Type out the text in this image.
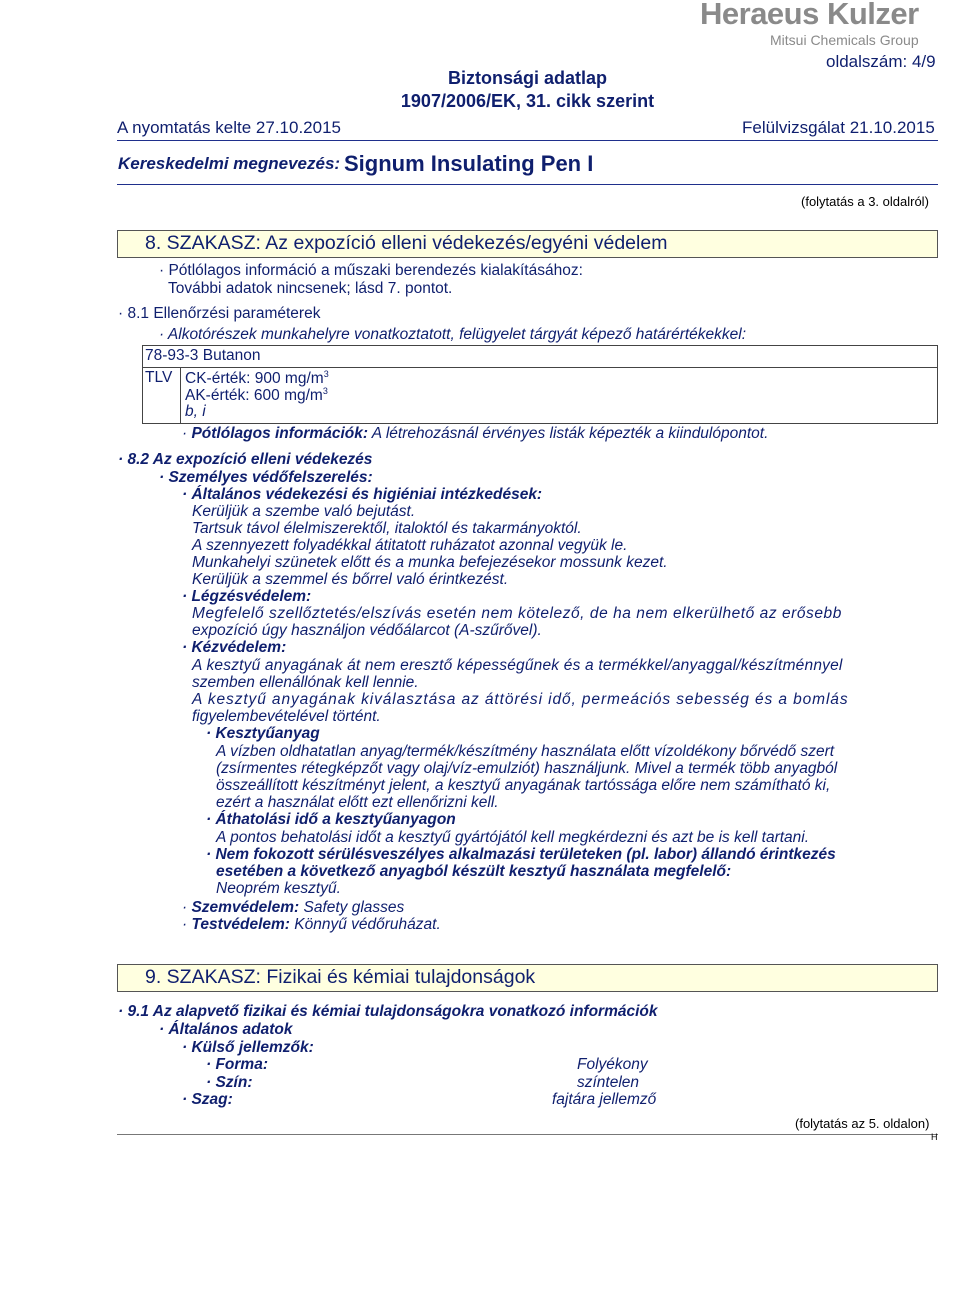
Heraeus Kulzer
Mitsui Chemicals Group
oldalszám: 4/9
Biztonsági adatlap
1907/2006/EK, 31. cikk szerint
A nyomtatás kelte 27.10.2015	Felülvizsgálat 21.10.2015
Kereskedelmi megnevezés: Signum Insulating Pen I
(folytatás a 3. oldalról)
8. SZAKASZ: Az expozíció elleni védekezés/egyéni védelem
· Pótlólagos információ a műszaki berendezés kialakításához:
További adatok nincsenek; lásd 7. pontot.
· 8.1 Ellenőrzési paraméterek
· Alkotórészek munkahelyre vonatkoztatott, felügyelet tárgyát képező határértékekkel:
78-93-3 Butanon
TLV CK-érték: 900 $mg/m^3$
AK-érték: 600 $mg/m^3$
b, i
· Pótlólagos információk: A létrehozásnál érvényes listák képezték a kiindulópontot.
· 8.2 Az expozíció elleni védekezés
· Személyes védőfelszerelés:
· Általános védekezési és higiéniai intézkedések:
Kerüljük a szembe való bejutást.
Tartsuk távol élelmiszerektől, italoktól és takarmányoktól.
A szennyezett folyadékkal átitatott ruházatot azonnal vegyük le.
Munkahelyi szünetek előtt és a munka befejezésekor mossunk kezet.
Kerüljük a szemmel és bőrrel való érintkezést.
· Légzésvédelem:
Megfelelő szellőztetés/elszívás esetén nem kötelező, de ha nem elkerülhető az erősebb
expozíció úgy használjon védőálarcot (A-szűrővel).
· Kézvédelem:
A kesztyű anyagának át nem eresztő képességűnek és a termékkel/anyaggal/készítménnyel
szemben ellenállónak kell lennie.
A kesztyű anyagának kiválasztása az áttörési idő, permeációs sebesség és a bomlás
figyelembevételével történt.
· Kesztyűanyag
A vízben oldhatatlan anyag/termék/készítmény használata előtt vízoldékony bőrvédő szert
(zsírmentes rétegképzőt vagy olaj/víz-emulziót) használjunk. Mivel a termék több anyagból
összeállított készítményt jelent, a kesztyű anyagának tartóssága előre nem számítható ki,
ezért a használat előtt ezt ellenőrizni kell.
· Áthatolási idő a kesztyűanyagon
A pontos behatolási időt a kesztyű gyártójától kell megkérdezni és azt be is kell tartani.
· Nem fokozott sérülésveszélyes alkalmazási területeken (pl. labor) állandó érintkezés
esetében a következő anyagból készült kesztyű használata megfelelő:
Neoprém kesztyű.
· Szemvédelem: Safety glasses
· Testvédelem: Könnyű védőruházat.
9. SZAKASZ: Fizikai és kémiai tulajdonságok
· 9.1 Az alapvető fizikai és kémiai tulajdonságokra vonatkozó információk
· Általános adatok
· Külső jellemzők:
· Forma:	Folyékony
· Szín:	színtelen
· Szag:	fajtára jellemző
(folytatás az 5. oldalon)
H
